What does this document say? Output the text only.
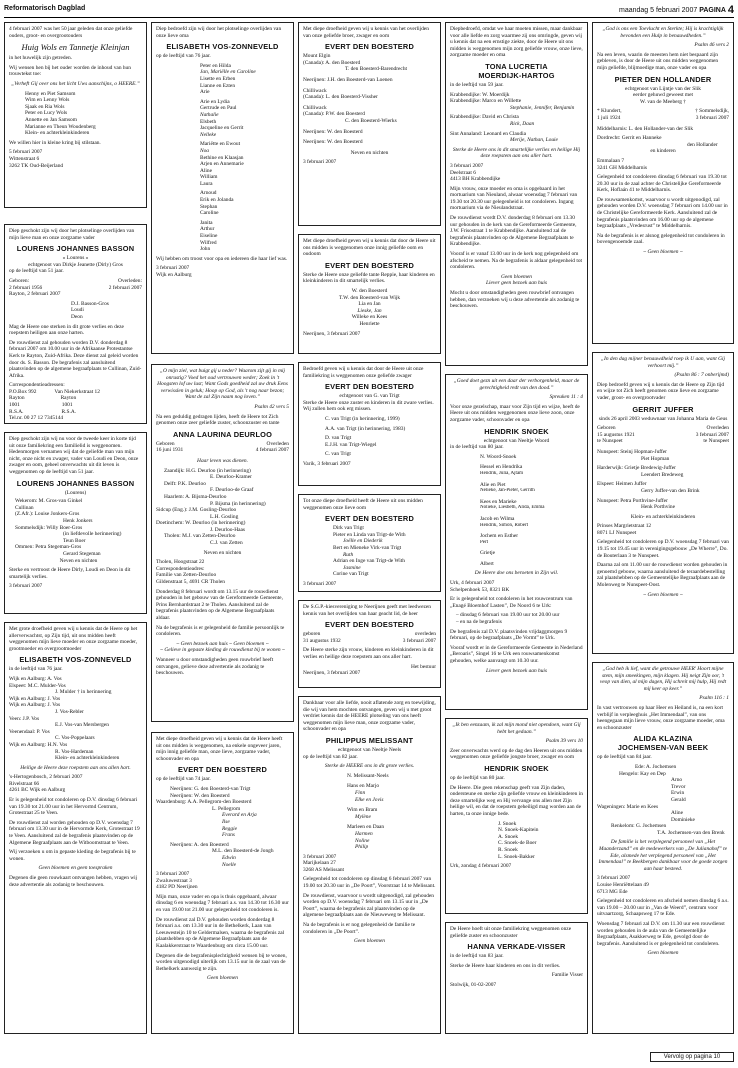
Reformatorisch Dagblad	maandag 5 februari 2007 PAGINA 4

4 februari 2007 was het 50 jaar geleden dat onze geliefde ouders, groot- en overgrootouders

Huig Wols en Tannetje Kleinjan

in het huwelijk zijn getreden.

Wij wensen hen bij het ouder worden de inhoud van hun trouwtekst toe:

„Verheft Gij over ons het licht Uws aanschijns, o HEERE.”

Henny en Piet Samsom
Wim en Lenny Wols
Sjaak en Ria Wols
Peter en Lucy Wols
Annette en Jan Samsom
Marianne en Theun Woudenberg
Klein- en achterkleinkinderen

We willen hier in kleine kring bij stilstaan.

5 februari 2007
Wittenstraat 6
3262 TK Oud-Beijerland

Diep geschokt zijn wij door het plotselinge overlijden van mijn lieve man en onze zorgzame vader

LOURENS JOHANNES BASSON
« Lourens »
echtgenoot van Dirkje Jeanette (Dirly) Gros

op de leeftijd van 51 jaar.

Geboren:	Overleden:
2 februari 1956	2 februari 2007

Rayton, 2 februari 2007

D.J. Basson-Gros
Loudi
Deon

Mag de Heere one sterken in dit grote verlies en deze roepstem heiligen aan onze harten.

De rouwdienst zal gehouden worden D.V. donderdag 8 februari 2007 om 10.00 uur in de Afrikaanse Protestantse Kerk te Rayton, Zuid-Afrika. Deze dienst zal geleid worden door ds. S. Basson. De begrafenis zal aansluitend plaatsvinden op de algemene begraafplaats te Cullinan, Zuid-Afrika.

Correspondentieadressen:
P.O.Box 992	Van Niekerkstraat 12
Rayton	Rayton
1001	1001
R.S.A.	R.S.A.
Tel.nr. 00 27 12 7345144

Diep geschokt zijn wij nu voor de tweede keer in korte tijd uit onze familiekring een familielid is weggenomen. Hedenmorgen vernamen wij dat de geliefde man van mijn nicht, onze nicht en zwager, vader van Loudi en Deon, onze zwager en oom, geheel onverwachts uit dit leven is weggenomen op de leeftijd van 51 jaar.

LOURENS JOHANNES BASSON
(Lourens)
Wekerom: M. Gros-van Ginkel
Cullinan
(Z.Afr.): Louise Jonkers-Gros
Henk Jonkers
Sommelsdijk: Willy Boer-Gros
(in liefdevolle herinnering)
Teun Boer
Ommen: Petra Stegeman-Gros
Gerard Stegeman
Neven en nichten

Sterke en vertroost de Heere Dirly, Loudi en Deon in dit smartelijk verlies.

3 februari 2007

Met grote droefheid geven wij u kennis dat de Heere op het allerverwachtst, op Zijn tijd, uit ons midden heeft weggenomen mijn lieve moeder en onze zorgzame moeder, grootmoeder en overgrootmoeder

ELISABETH VOS-ZONNEVELD

in de leeftijd van 76 jaar.

Wijk en Aalburg: A. Vos
Elspeet: M.C. Mulder-Vos
J. Mulder † in herinnering
Wijk en Aalburg: J. Vos
Wijk en Aalburg: J. Vos
J. Vos-Rebler
Veen: J.P. Vos
E.J. Vos-van Mersbergen
Veenendaal: P. Vos
C. Vos-Poppelaars
Wijk en Aalburg: H.N. Vos
R. Vos-Hardeman
Klein- en achterkleinkinderen

Heilige de Heere deze roepstem aan ons allen hart.

's-Hertogenbosch, 2 februari 2007
Rivelstraat 66

4261 BC Wijk en Aalburg

Er is gelegenheid tot condoleren op D.V. dinsdag 6 februari van 19.30 tot 21.00 uur in het Hervormd Centrum, Grotestraat 25 te Veen.

De rouwdienst zal worden gehouden op D.V. woensdag 7 februari om 13.30 uur in de Hervormde Kerk, Grotestraat 19 te Veen. Aansluitend zal de begrafenis plaatsvinden op de Algemene Begraafplaats aan de Witboomstraat te Veen.

Wij verzoeken u om in gepaste kleding de begrafenis bij te wonen.

Geen bloemen en geen toespraken

Degenen die geen rouwkaart ontvangen hebben, vragen wij deze advertentie als zodanig te beschouwen.

Diep bedroefd zijn wij door het plotselinge overlijden van onze lieve oma

ELISABETH VOS-ZONNEVELD

op de leeftijd van 76 jaar.

Peter en Hilda
Jan, Mariëlle en Caroline
Lisette en Erben
Lianne en Ezten
Arie
Arie en Lydia
Gertrude en Paul
Nathalie
Elsbeth
Jacqueline en Gerrit
Nelleke
Mariëtte en Ewout
Noa
Bethine en Klaasjan
Arjen en Annemarie
Aline
William
Laura
Arnoud
Erik en Jolanda
Stephan
Caroline
Janita
Arthur
Eiseline
Wilfred
John

Wij hebben om troost voor opa en iedereen die haar lief was.

3 februari 2007
Wijk en Aalburg

„O mijn ziel, wat buigt gij u neder? Waarom zijt gij in mij onrustig? Voed het oud vertrouwen weder; Zoek in 't Hoogsten lof uw lust; Want Gods goedheid zal uw druk Eens verwisslen in geluk; Hoop op God, als 't nog naar bezon; Want de zal Zijn naam nog loven.”

Psalm 42 vers 5

Na een geduldig gedragen lijden, heeft de Heere tot Zich genomen onze zeer geliefde zuster, schoonzuster en tante

ANNA LAURINA DEURLOO
Geboren	Overleden
16 juni 1931	4 februari 2007

Haar leven was dienen.

Zaandijk: H.G. Deurloo (in herinnering)
E. Deurloo-Kramer
Delft: P.K. Deurloo
F. Deurloo-de Graaf
Haarlem: A. Bijsma-Deurloo
P. Bijsma (in herinnering)
Sidcup (Eng.): J.M. Gosling-Deurloo
L.H. Gosling
Doetinchem: W. Deurloo (in herinnering)
J. Deurloo-Haas
Tholen: M.J. van Zetten-Deurloo
C.J. van Zetten
Neven en nichten
Tholen, Hoogstraat 22
Correspondentieadres:
Familie van Zetten-Deurloo

Gildenstraat 5, 4691 CR Tholen

Donderdag 8 februari wordt om 13.15 uur de rouwdienst gehouden in het gebouw van de Gereformeerde Gemeente, Prins Bernhardstraat 2 te Tholen. Aansluitend zal de begrafenis plaatsvinden op de Algemene Begraafplaats aldaar.

Na de begrafenis is er gelegenheid de familie persoonlijk te condoleren.

~ Geen bezoek aan huis ~ Geen bloemen ~

~ Gelieve in gepaste kleding de rouwdienst bij te wonen ~

Wanneer u door omstandigheden geen rouwbrief heeft ontvangen, gelieve deze advertentie als zodanig te beschouwen.

Met diepe droefheid geven wij u kennis dat de Heere heeft uit ons midden is weggenomen, na enkele ongeveer jaren, mijn innig geliefde man, onze lieve, zorgzame vader, schoonvader en opa

EVERT DEN BOESTERD

op de leeftijd van 74 jaar.

Neerijnen: G. den Boesterd-van Trigt
Neerijnen: W. den Boesterd
Waardenburg: A.A. Pellegrom-den Boesterd
L. Pellegrom
Everard en Arja
Ilse
Reggie
Frans
Neerijnen: A. den Boesterd
M.L. den Boesterd-de Jongh
Edwin
Noelle
3 februari 2007
Zwaluwestraat 3

4182 PD Neerijnen

Mijn man, onze vader en opa is thuis opgebaard, alwaar dinsdag 6 en woensdag 7 februari a.s. van 14.30 tot 16.30 uur en van 19.00 tot 21.00 uur gelegenheid tot condoleren is.

De rouwdienst zal D.V. gehouden worden donderdag 8 februari a.s. om 13.30 uur in de Bethelkerk, Laan van Leeuwesteijn 10 te Geldermalsen, waarna de begrafenis zal plaatshebben op de Algemene Begraafplaats aan de Kaalakkerstraat te Waardenburg om circa 15.00 uur.

Degenen die de begrafenisplechtigheid wensen bij te wonen, worden uitgenodigd uiterlijk om 13.15 uur in de zaal van de Bethelkerk aanwezig te zijn.

Geen bloemen

Met diepe droefheid geven wij u kennis van het overlijden van onze geliefde broer, zwager en oom

EVERT DEN BOESTERD
Mount Elgin
(Canada): A. den Boesterd
T. den Boesterd-Barendrecht
Neerijnen: J.H. den Boesterd-van Loenen
Chilliwack
(Canada): L. den Boesterd-Vissher
Chilliwack
(Canada): P.W. den Boesterd
C. den Boesterd-Wierks
Neerijnen: W. den Boesterd
Neerijnen: W. den Boesterd
Neven en nichten
3 februari 2007

Met diepe droefheid geven wij u kennis dat door de Heere uit ons midden is weggenomen onze innig geliefde oom en oudoom

EVERT DEN BOESTERD

Sterke de Heere onze geliefde tante Reppie, haar kinderen en kleinkinderen in dit smartelijk verlies.

W. den Boesterd
T.W. den Boesterd-van Wijk
Lia en Jan
Lieske, Jan
Willeke en Kees
Henriette
Neerijnen, 3 februari 2007

Bedroefd geven wij u kennis dat door de Heere uit onze familiekring is weggenomen onze geliefde zwager

EVERT DEN BOESTERD
echtgenoot van G. van Trigt

Sterke de Heere onze zuster en kinderen in dit zware verlies. Wij zullen hem ook erg missen.

C. van Trigt (in herinnering, 1999)
A.A. van Trigt (in herinnering, 1983)
D. van Trigt
E.J.H. van Trigt-Wiegel
C. van Trigt
Varik, 3 februari 2007

Tot onze diepe droefheid heeft de Heere uit ons midden weggenomen onze lieve oom

EVERT DEN BOESTERD
Dirk van Trigt
Pieter en Linda van Trigt-de With
Joëlle en Diederik
Bert en Mieneke Virk-van Trigt
Ruth
Adrian en Inge van Trigt-de With
Jasmine
Corine van Trigt
3 februari 2007

De S.G.P.-kiesvereniging te Neerijnen geeft met leedwezen kennis van het overlijden van haar geacht lid, de heer

EVERT DEN BOESTERD
geboren	overleden
31 augustus 1932	3 februari 2007

De Heere sterke zijn vrouw, kinderen en kleinkinderen in dit verlies en heilige deze roepstem aan ons aller hart.

Het bestuur
Neerijnen, 3 februari 2007

Dankbaar voor alle liefde, nooit aflatende zorg en toewijding, die wij van hem mochten ontvangen, geven wij u met groot verdriet kennis dat de HEERE plotseling van ons heeft weggenomen mijn lieve man, onze zorgzame vader, schoonvader en opa

PHILIPPUS MELISSANT
echtgenoot van Neeltje Neels

op de leeftijd van 82 jaar.

Sterke de HEERE ons in dit grote verlies.

N. Melissant-Neels
Hans en Marjo
Finn
Elke en Jovis
Wim en Bram
Mylène
Marleen en Daan
Harmen
Noline
Philip
3 februari 2007
Marijkelaan 27

3268 AS Melissant

Gelegenheid tot condoleren op dinsdag 6 februari 2007 van 19.00 tot 20.30 uur in „De Poort”, Voorstraat 14 te Melissant.

De rouwdienst, waarvoor u wordt uitgenodigd, zal gehouden worden op D.V. woensdag 7 februari om 13.15 uur in „De Poort”, waarna de begrafenis zal plaatsvinden op de algemene begraafplaats aan de Nieuweweg te Melissant.

Na de begrafenis is er nog gelegenheid de familie te condoleren in „De Poort”.

Geen bloemen

Diepbedroefd, omdat we haar moeten missen, maar dankbaar voor alle liefde en zorg waarmee zij ons omringde, geven wij u kennis dat na een ernstige ziekte, door de Heere uit ons midden is weggenomen mijn zorg geliefde vrouw, onze lieve, zorgzame moeder en oma

TONA LUCRETIA
MOERDIJK-HARTOG

in de leeftijd van 59 jaar.

Krabbendijke: W. Moerdijk
Krabbendijke: Marco en Willette
Stephanie, Jennifer, Benjamin
Krabbendijke: David en Christa
Rick, Daan
Sint Annaland: Leonard en Claudia
Merije, Nathan, Louie

Sterke de Heere ons in dit smartelijke verlies en heilige Hij deze roepstem aan ons aller hart.

3 februari 2007
Deelstraat 6

4413 BH Krabbendijke

Mijn vrouw, onze moeder en oma is opgebaard in het mortuarium van Nieuland, alwaar woensdag 7 februari van 19.30 tot 20.30 uur gelegenheid is tot condoleren. Ingang mortuarium via de Nieulandstraat.

De rouwdienst wordt D.V. donderdag 8 februari om 13.30 uur gehouden in de kerk van de Gereformeerde Gemeente, J.W. Frisostraat 1 te Krabbendijke. Aansluitend zal de begrafenis plaatsvinden op de Algemene Begraafplaats te Krabbendijke.

Vooraf is er vanaf 13.00 uur in de kerk nog gelegenheid om afscheid te nemen. Na de begrafenis is aldaar gelegenheid tot condoleren.

Geen bloemen

Liever geen bezoek aan huis

Mocht u door omstandigheden geen rouwbrief ontvangen hebben, dan verzoeken wij u deze advertentie als zodanig te beschouwen.

„Goed doet gezn uit een daar der verborgenheid, maar de gerechtigheid redt van den dood.”

Spreuken 11 : 4

Voor onze gezelschap, maar voor Zijn tijd en wijze, heeft de Heere uit ons midden weggenomen onze lieve zoon, onze zorgzame vader, schoonvader en opa

HENDRIK SNOEK
echtgenoot van Neeltje Woord

in de leeftijd van 80 jaar.

N. Woord-Snoek
Hessel en Hendrika
Hendrik, Julia, Ajtam
Alie en Piet
Nelieke, Jan-Pieter, Gerrith
Kees en Marieke
Nolieke, Liesbeth, Alida, Emma
Jacob en Wilma
Hendrik, Simon, Robert
Jochem en Esther
Pert
Grietje
Albert

De Heere doe ons beroeten in Zijn wil.

Urk, 4 februari 2007

Schelpenhoek 53, 8321 BK

Er is gelegenheid tot condoleren in het rouwcentrum van „Enagé Bloemhof Lasten”, De Noord 6 te Urk:

– dinsdag 6 februari van 19.00 uur tot 20.00 uur

– en na de begrafenis

De begrafenis zal D.V. plaatsvinden vrijdaggmorgen 9 februari, op de begraafplaats „De Vormt” te Urk.

Vooraf wordt er in de Gereformeerde Gemeente in Nederland „Beroaris”, Singel 16 te Urk een rouwsamenkomst gehouden, welke aanvangt om 10.30 uur.

Liever geen bezoek aan huis

„Ik ben eenzaam, ik zal mijn mond niet opendoen, want Gij hebt het gedaan.”

Psalm 39 vers 10

Zeer onverwachts werd op de dag den Heeren uit ons midden weggenomen onze geliefde jongste broer, zwager en oom

HENDRIK SNOEK

op de leeftijd van 80 jaar.

De Heere. Die geen rekenschap geeft van Zijn daden, ondersteune en sterke zijn geliefde vrouw en kleinkinderen in deze smartelijke weg en Hij vervange ons allen met Zijn heilige wil, en dat de roepstem geheiligd mag worden aan de harten, ta onze innige bede.

J. Snoek
N. Snoek-Kapitein
A. Snoek
C. Snoek-de Boer
R. Snoek
L. Snoek-Bakker
Urk, zondag 4 februari 2007

De Heere hoeft uit onze familiekring weggenomen onze geliefde zuster en schoonzuster

HANNA VERKADE-VISSER

in de leeftijd van 83 jaar.

Sterke de Heere haar kinderen en ons in dit verlies.

Familie Visser

Stolwijk, 01-02-2007

„God is ons een Toevlucht en Sterkte; Hij is krachtiglijk bevonden een Hulp in benauwdheden.”

Psalm 46 vers 2

Na een leven, waarin de meesten hem niet bespaard zijn gebleven, is door de Heere uit ons midden weggenomen mijn geliefde, blijmoedige man, onze vader en opa

PIETER DEN HOLLANDER
echtgenoot van Lijntje van der Slik
eerder gehuwd geweest met
W. van de Meeberg †
* Klundert,	† Sommelsdijk,
1 juli 1924	3 februari 2007
Middelharnis: L. den Hollander-van der Slik
Dordrecht: Gerrit en Hanneke
den Hollander
en kinderen
Emmalaan 7

3241 GH Middelharnis

Gelegenheid tot condoleren dinsdag 6 februari van 19.30 tot 20.30 uur in de zaal achter de Christelijke Gereformeerde Kerk, Hoflaán 41 te Middelharnis.

De rouwsamenkomst, waarvoor u wordt uitgenodigd, zal gehouden worden D.V. woensdag 7 februari om 14.00 uur in de Christelijke Gereformeerde Kerk. Aansluitend zal de begrafenis plaatsvinden om 16.00 uur op de algemene begraafplaats „Vredesrust” te Middelharnis.

Na de begrafenis is er alsnog gelegenheid tot condoleren in bovengenoemde zaal.

~ Geen bloemen ~

„In den dag mijner benauwdheid roep ik U aan, want Gij verhoort mij.”

(Psalm 86 : 7 onberijmd)

Diep bedroefd geven wij u kennis dat de Heere op Zijn tijd en wijze tot Zich heeft genomen onze lieve en zorgzame vader, groot- en overgrootvader

GERRIT JUFFER
sinds 26 april 2003 weduwnaar van Johanna Maria de Geus
Geboren	Overleden
15 augustus 1921	3 februari 2007
te Nunspeet	te Nunspeet
Nunspeet: Steinj Hopman-Juffer
Piet Hopman
Harderwijk: Grietje Bredewig-Juffer
Leendert Bredeweg
Elspeet: Heimen Juffer
Gerry Juffer-van den Brink
Nunspeet: Petra Porthvine-Juffer
Henk Porthvine
Klein- en achterkleinkinderen
Prinses Margrietstraat 12

8071 LJ Nunspeet

Gelegenheid tot condoleren op D.V. woensdag 7 februari van 19.15 tot 19.45 uur in verenigingsgebouw „De Wherre”, Do. de Bouterlaan 3 te Nunspeet.

Daarna zal om 11.00 uur de rouwdienst worden gehouden in genoemd gebouw, waarna aansluitend de teraardebestelling zal plaatshebben op de Gemeentelijke Begraafplaats aan de Molenweg te Nunspeet-Oost.

~ Geen bloemen ~

„God heb ik lief, want die getrouwe HEER' Hoort mijne stem, mijn smeekingen, mijn klagen. Hij neigt Zijn oor, 't veop van dien, al mijn dagen, Hij schreit mij hulp, Hij redt mij keer op keer.”

Psalm 116 : 1

In vast vertrouwen op haar Heer en Heiland is, na een kort verblijf in verpleeghuis „Het Immendaal”, van ons heengegaan mijn lieve vrouw, onze zorgzame moeder, oma en schoonzuster

ALIDA KLAZINA
JOCHEMSEN-VAN BEEK

op de leeftijd van 84 jaar.

Ede: A. Jochemsen
Hengelo: Kay en Dep
Arno
Trevor
Erwin
Gerald
Wageningen: Marie en Kees
Aline
Dominieke
Renkelom: G. Jochemsen
T.A. Jochemsen-van den Brenk

De familie is het verplegend personeel van „Het Maanderzand” en de medewerkers van „De Julianahof” te Ede, alsmede het verplegend personeel van „Het Immendaal” te Beekbergen dankbaar voor de goede zorgen aan haar besteed.

3 februari 2007
Louise Henriëttelaan 49

6713 MG Ede

Gelegenheid tot condoleren en afscheid nemen dinsdag 6 a.s. van 19.00 – 20.00 uur in „Van de Weerd”, centrum voor uitvaartzorg, Schaapsweg 17 te Ede.

Woensdag 7 februari zal D.V. om 11.30 uur een rouwdienst worden gehouden in de aula van de Gemeentelijke Begraafplaats, Asakkerweg te Ede, gevolgd door de begrafenis. Aansluitend is er gelegenheid tot condoleren.

Geen bloemen

Vervolg op pagina 10
